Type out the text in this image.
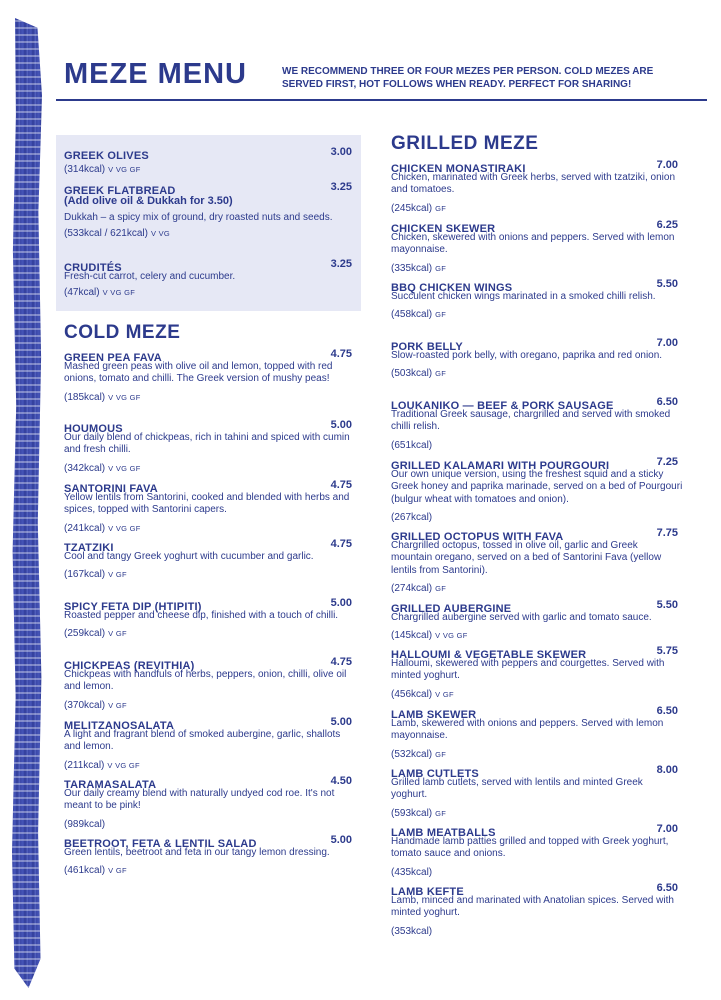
MEZE MENU	WE RECOMMEND THREE OR FOUR MEZES PER PERSON. COLD MEZES ARE SERVED FIRST, HOT FOLLOWS WHEN READY. PERFECT FOR SHARING!

GREEK OLIVES	3.00
(314kcal) V VG GF
GREEK FLATBREAD	3.25
(Add olive oil & Dukkah for 3.50)
Dukkah – a spicy mix of ground, dry roasted nuts and seeds.
(533kcal / 621kcal) V VG
CRUDITÉS	3.25
Fresh-cut carrot, celery and cucumber.
(47kcal) V VG GF
COLD MEZE
GREEN PEA FAVA	4.75
Mashed green peas with olive oil and lemon, topped with red onions, tomato and chilli. The Greek version of mushy peas!
(185kcal) V VG GF
HOUMOUS	5.00
Our daily blend of chickpeas, rich in tahini and spiced with cumin and fresh chilli.
(342kcal) V VG GF
SANTORINI FAVA	4.75
Yellow lentils from Santorini, cooked and blended with herbs and spices, topped with Santorini capers.
(241kcal) V VG GF
TZATZIKI	4.75
Cool and tangy Greek yoghurt with cucumber and garlic.
(167kcal) V GF
SPICY FETA DIP (HTIPITI)	5.00
Roasted pepper and cheese dip, finished with a touch of chilli.
(259kcal) V GF
CHICKPEAS (REVITHIA)	4.75
Chickpeas with handfuls of herbs, peppers, onion, chilli, olive oil and lemon.
(370kcal) V GF
MELITZANOSALATA	5.00
A light and fragrant blend of smoked aubergine, garlic, shallots and lemon.
(211kcal) V VG GF
TARAMASALATA	4.50
Our daily creamy blend with naturally undyed cod roe. It's not meant to be pink!
(989kcal)
BEETROOT, FETA & LENTIL SALAD	5.00
Green lentils, beetroot and feta in our tangy lemon dressing.
(461kcal) V GF
GRILLED MEZE
CHICKEN MONASTIRAKI	7.00
Chicken, marinated with Greek herbs, served with tzatziki, onion and tomatoes.
(245kcal) GF
CHICKEN SKEWER	6.25
Chicken, skewered with onions and peppers. Served with lemon mayonnaise.
(335kcal) GF
BBQ CHICKEN WINGS	5.50
Succulent chicken wings marinated in a smoked chilli relish.
(458kcal) GF
PORK BELLY	7.00
Slow-roasted pork belly, with oregano, paprika and red onion.
(503kcal) GF
LOUKANIKO — BEEF & PORK SAUSAGE	6.50
Traditional Greek sausage, chargrilled and served with smoked chilli relish.
(651kcal)
GRILLED KALAMARI WITH POURGOURI	7.25
Our own unique version, using the freshest squid and a sticky Greek honey and paprika marinade, served on a bed of Pourgouri (bulgur wheat with tomatoes and onion).
(267kcal)
GRILLED OCTOPUS WITH FAVA	7.75
Chargrilled octopus, tossed in olive oil, garlic and Greek mountain oregano, served on a bed of Santorini Fava (yellow lentils from Santorini).
(274kcal) GF
GRILLED AUBERGINE	5.50
Chargrilled aubergine served with garlic and tomato sauce.
(145kcal) V VG GF
HALLOUMI & VEGETABLE SKEWER	5.75
Halloumi, skewered with peppers and courgettes. Served with minted yoghurt.
(456kcal) V GF
LAMB SKEWER	6.50
Lamb, skewered with onions and peppers. Served with lemon mayonnaise.
(532kcal) GF
LAMB CUTLETS	8.00
Grilled lamb cutlets, served with lentils and minted Greek yoghurt.
(593kcal) GF
LAMB MEATBALLS	7.00
Handmade lamb patties grilled and topped with Greek yoghurt, tomato sauce and onions.
(435kcal)
LAMB KEFTE	6.50
Lamb, minced and marinated with Anatolian spices. Served with minted yoghurt.
(353kcal)
